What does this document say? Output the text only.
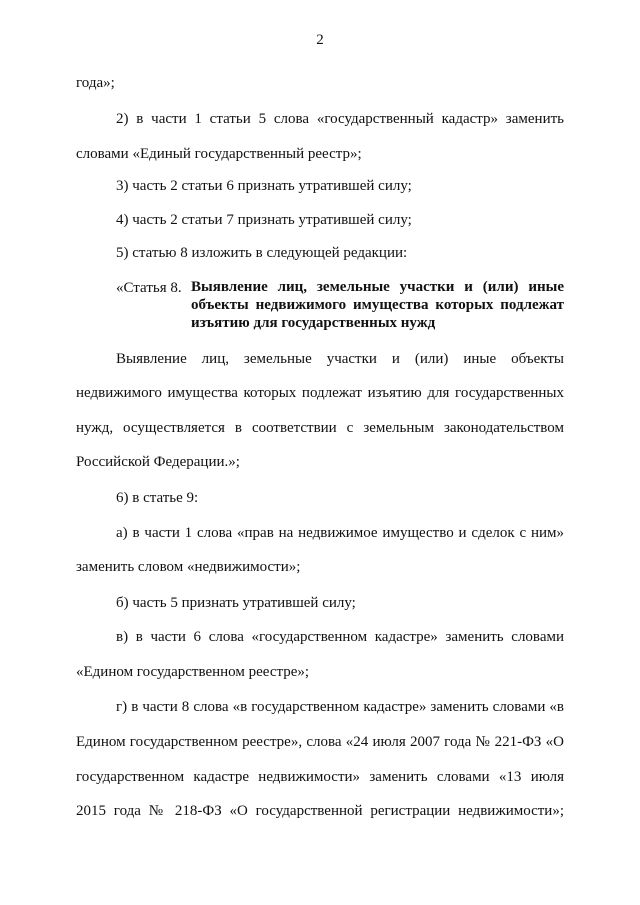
2
года»;
2) в части 1 статьи 5 слова «государственный кадастр» заменить
словами «Единый государственный реестр»;
3) часть 2 статьи 6 признать утратившей силу;
4) часть 2 статьи 7 признать утратившей силу;
5) статью 8 изложить в следующей редакции:
Выявление лиц, земельные участки и (или) иные объекты
недвижимого имущества которых подлежат изъятию для государственных
нужд, осуществляется в соответствии с земельным законодательством
Российской Федерации.»;
6) в статье 9:
а) в части 1 слова «прав на недвижимое имущество и сделок с ним»
заменить словом «недвижимости»;
б) часть 5 признать утратившей силу;
в) в части 6 слова «государственном кадастре» заменить словами
«Едином государственном реестре»;
г) в части 8 слова «в государственном кадастре» заменить словами «в
Едином государственном реестре», слова «24 июля 2007 года № 221-ФЗ «О
государственном кадастре недвижимости» заменить словами «13 июля
2015 года № 218-ФЗ «О государственной регистрации недвижимости»;
«Статья 8. Выявление лиц, земельные участки и (или) иные
объекты недвижимого имущества которых подлежат
изъятию для государственных нужд
